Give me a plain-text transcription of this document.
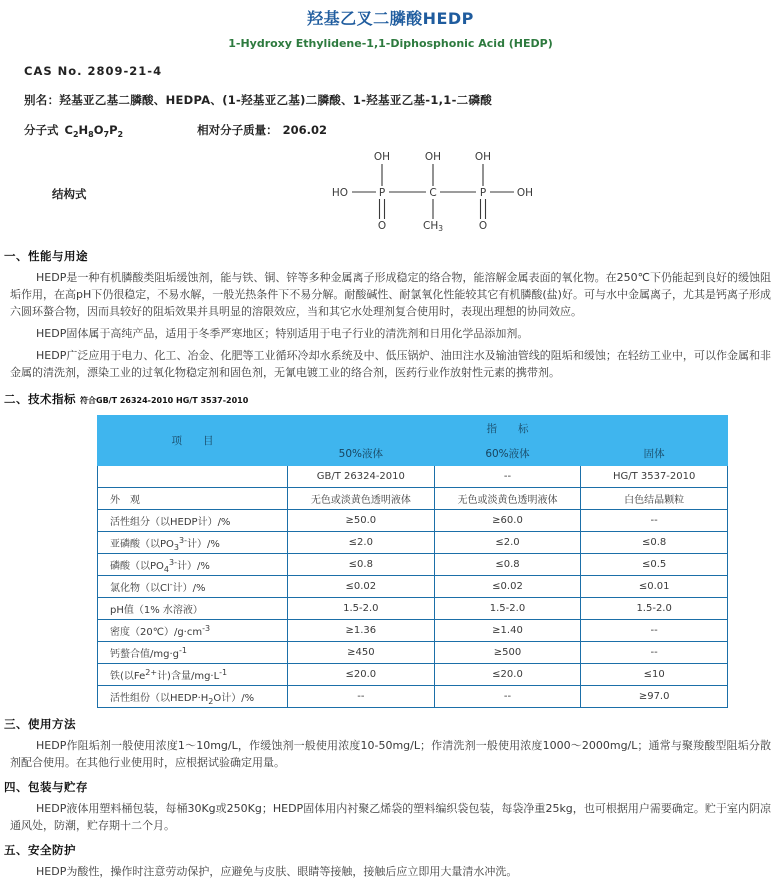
羟基乙叉二膦酸HEDP
1-Hydroxy Ethylidene-1,1-Diphosphonic Acid (HEDP)
CAS No. 2809-21-4
别名：羟基亚乙基二膦酸、HEDPA、(1-羟基亚乙基)二膦酸、1-羟基亚乙基-1,1-二磷酸
分子式 $C_2H_8O_7P_2$	相对分子质量： 206.02
结构式	HO	P	C	P	OH
OH	OH	OH
O	O
CH3
一、性能与用途

HEDP是一种有机膦酸类阻垢缓蚀剂，能与铁、铜、锌等多种金属离子形成稳定的络合物，能溶解金属表面的氧化物。在250℃下仍能起到良好的缓蚀阻垢作用，在高pH下仍很稳定，不易水解，一般光热条件下不易分解。耐酸碱性、耐氯氧化性能较其它有机膦酸(盐)好。可与水中金属离子，尤其是钙离子形成六圆环螯合物，因而具较好的阻垢效果并具明显的溶限效应，当和其它水处理剂复合使用时，表现出理想的协同效应。

HEDP固体属于高纯产品，适用于冬季严寒地区；特别适用于电子行业的清洗剂和日用化学品添加剂。

HEDP广泛应用于电力、化工、冶金、化肥等工业循环冷却水系统及中、低压锅炉、油田注水及输油管线的阻垢和缓蚀；在轻纺工业中，可以作金属和非金属的清洗剂，漂染工业的过氧化物稳定剂和固色剂，无氰电镀工业的络合剂，医药行业作放射性元素的携带剂。

二、技术指标 符合GB/T 26324-2010 HG/T 3537-2010
项　　目	指　　标		
	50%液体	60%液体	固体
	GB/T 26324-2010	--	HG/T 3537-2010
外　观	无色或淡黄色透明液体	无色或淡黄色透明液体	白色结晶颗粒
活性组分（以HEDP计）/%	≥50.0	≥60.0	--
亚磷酸（以$PO_3^{3-}$计）/%	≤2.0	≤2.0	≤0.8
磷酸（以$PO_4^{3-}$计）/%	≤0.8	≤0.8	≤0.5
氯化物（以Cl-计）/%	≤0.02	≤0.02	≤0.01
pH值（1% 水溶液）	1.5-2.0	1.5-2.0	1.5-2.0
密度$(20℃)/g\cdot cm^{-3}$	≥1.36	≥1.40	--
钙螯合值$/mg\cdot g^{-1}$	≥450	≥500	--
铁(以$Fe^{2+}$计)含量$/mg\cdot L^{-1}$	≤20.0	≤20.0	≤10
活性组份（以$HEDP\cdot H_2O$计）/%	--	--	≥97.0
三、使用方法

HEDP作阻垢剂一般使用浓度1～10mg/L，作缓蚀剂一般使用浓度10-50mg/L；作清洗剂一般使用浓度1000～2000mg/L；通常与聚羧酸型阻垢分散剂配合使用。在其他行业使用时，应根据试验确定用量。

四、包装与贮存

HEDP液体用塑料桶包装，每桶30Kg或250Kg；HEDP固体用内衬聚乙烯袋的塑料编织袋包装，每袋净重25kg，也可根据用户需要确定。贮于室内阴凉通风处，防潮，贮存期十二个月。

五、安全防护

HEDP为酸性，操作时注意劳动保护，应避免与皮肤、眼睛等接触，接触后应立即用大量清水冲洗。
